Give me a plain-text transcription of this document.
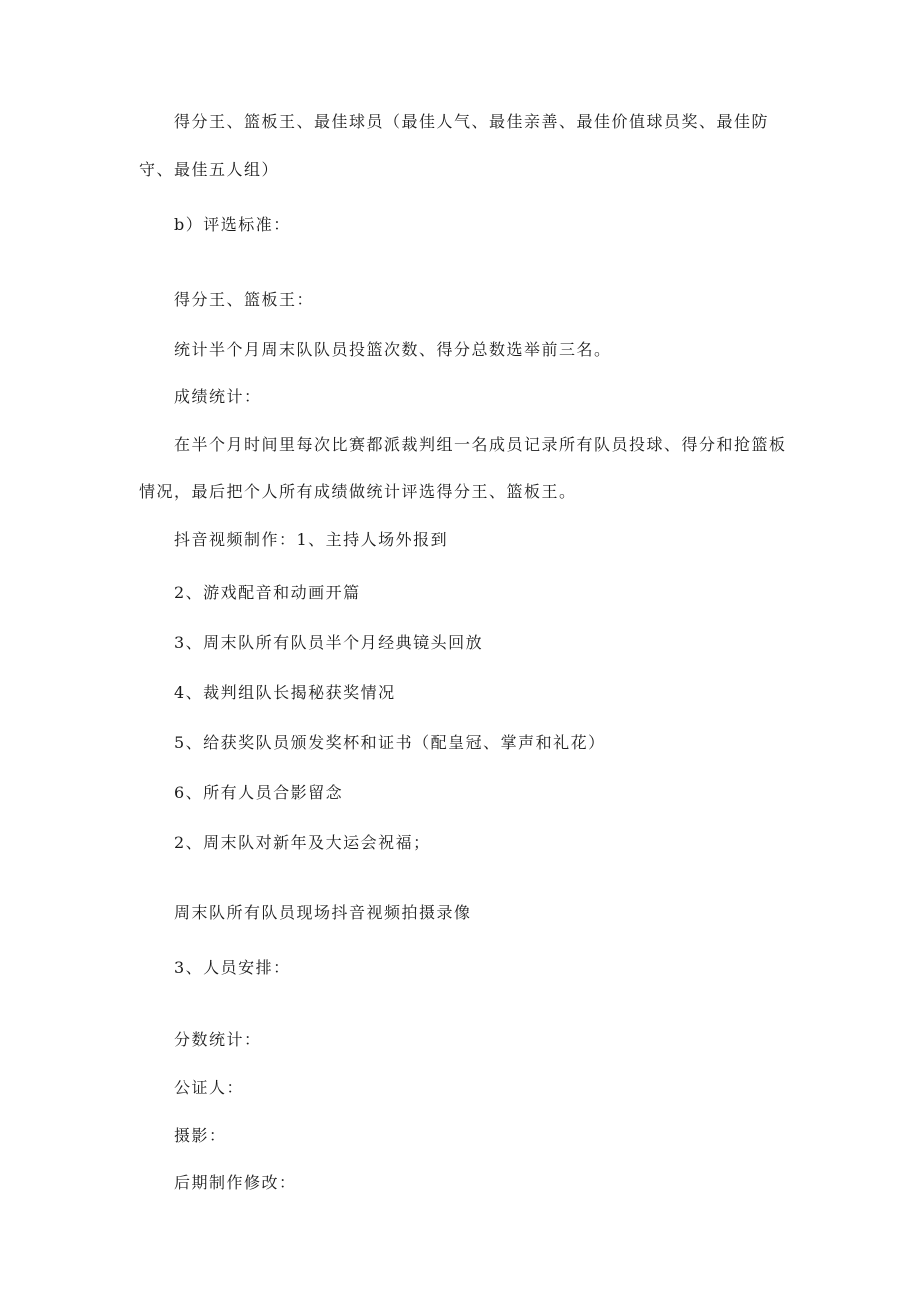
得分王、篮板王、最佳球员（最佳人气、最佳亲善、最佳价值球员奖、最佳防
守、最佳五人组）
b）评选标准：
得分王、篮板王：
统计半个月周末队队员投篮次数、得分总数选举前三名。
成绩统计：
在半个月时间里每次比赛都派裁判组一名成员记录所有队员投球、得分和抢篮板
情况，最后把个人所有成绩做统计评选得分王、篮板王。
抖音视频制作：1、主持人场外报到
2、游戏配音和动画开篇
3、周末队所有队员半个月经典镜头回放
4、裁判组队长揭秘获奖情况
5、给获奖队员颁发奖杯和证书（配皇冠、掌声和礼花）
6、所有人员合影留念
2、周末队对新年及大运会祝福；
周末队所有队员现场抖音视频拍摄录像
3、人员安排：
分数统计：
公证人：
摄影：
后期制作修改：
